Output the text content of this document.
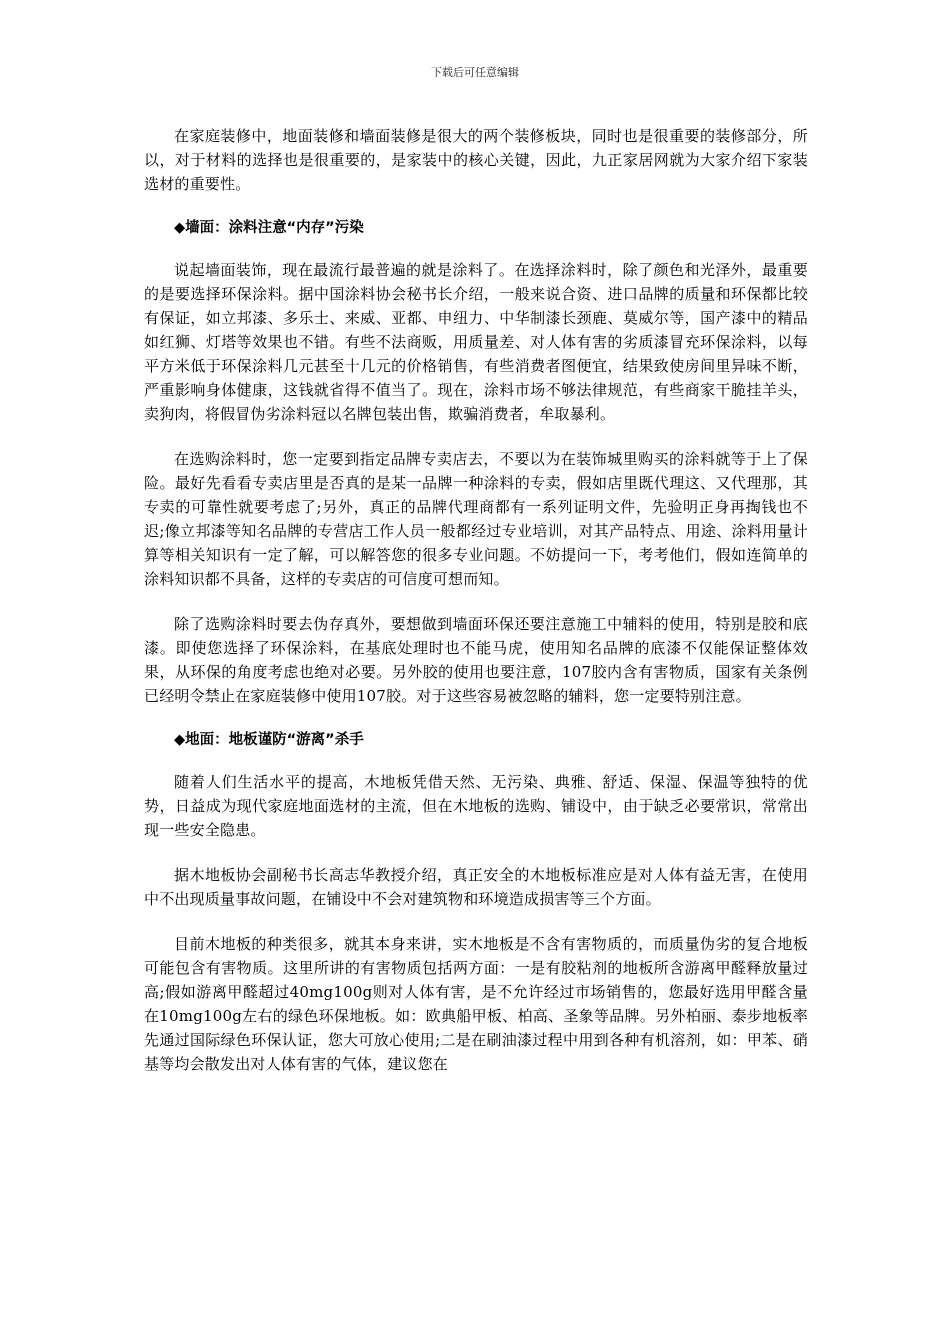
下载后可任意编辑

在家庭装修中，地面装修和墙面装修是很大的两个装修板块，同时也是很重要的装修部分，所以，对于材料的选择也是很重要的，是家装中的核心关键，因此，九正家居网就为大家介绍下家装选材的重要性。

◆墙面：涂料注意“内存”污染

说起墙面装饰，现在最流行最普遍的就是涂料了。在选择涂料时，除了颜色和光泽外，最重要的是要选择环保涂料。据中国涂料协会秘书长介绍，一般来说合资、进口品牌的质量和环保都比较有保证，如立邦漆、多乐士、来威、亚都、申纽力、中华制漆长颈鹿、莫威尔等，国产漆中的精品如红狮、灯塔等效果也不错。有些不法商贩，用质量差、对人体有害的劣质漆冒充环保涂料，以每平方米低于环保涂料几元甚至十几元的价格销售，有些消费者图便宜，结果致使房间里异味不断，严重影响身体健康，这钱就省得不值当了。现在，涂料市场不够法律规范，有些商家干脆挂羊头，卖狗肉，将假冒伪劣涂料冠以名牌包装出售，欺骗消费者，牟取暴利。

在选购涂料时，您一定要到指定品牌专卖店去，不要以为在装饰城里购买的涂料就等于上了保险。最好先看看专卖店里是否真的是某一品牌一种涂料的专卖，假如店里既代理这、又代理那，其专卖的可靠性就要考虑了;另外，真正的品牌代理商都有一系列证明文件，先验明正身再掏钱也不迟;像立邦漆等知名品牌的专营店工作人员一般都经过专业培训，对其产品特点、用途、涂料用量计算等相关知识有一定了解，可以解答您的很多专业问题。不妨提问一下，考考他们，假如连简单的涂料知识都不具备，这样的专卖店的可信度可想而知。

除了选购涂料时要去伪存真外，要想做到墙面环保还要注意施工中辅料的使用，特别是胶和底漆。即使您选择了环保涂料，在基底处理时也不能马虎，使用知名品牌的底漆不仅能保证整体效果，从环保的角度考虑也绝对必要。另外胶的使用也要注意，107胶内含有害物质，国家有关条例已经明令禁止在家庭装修中使用107胶。对于这些容易被忽略的辅料，您一定要特别注意。

◆地面：地板谨防“游离”杀手

随着人们生活水平的提高，木地板凭借天然、无污染、典雅、舒适、保湿、保温等独特的优势，日益成为现代家庭地面选材的主流，但在木地板的选购、铺设中，由于缺乏必要常识，常常出现一些安全隐患。

据木地板协会副秘书长高志华教授介绍，真正安全的木地板标准应是对人体有益无害，在使用中不出现质量事故问题，在铺设中不会对建筑物和环境造成损害等三个方面。

目前木地板的种类很多，就其本身来讲，实木地板是不含有害物质的，而质量伪劣的复合地板可能包含有害物质。这里所讲的有害物质包括两方面：一是有胶粘剂的地板所含游离甲醛释放量过高;假如游离甲醛超过40mg100g则对人体有害，是不允许经过市场销售的，您最好选用甲醛含量在10mg100g左右的绿色环保地板。如：欧典船甲板、柏高、圣象等品牌。另外柏丽、泰步地板率先通过国际绿色环保认证，您大可放心使用;二是在刷油漆过程中用到各种有机溶剂，如：甲苯、硝基等均会散发出对人体有害的气体，建议您在
